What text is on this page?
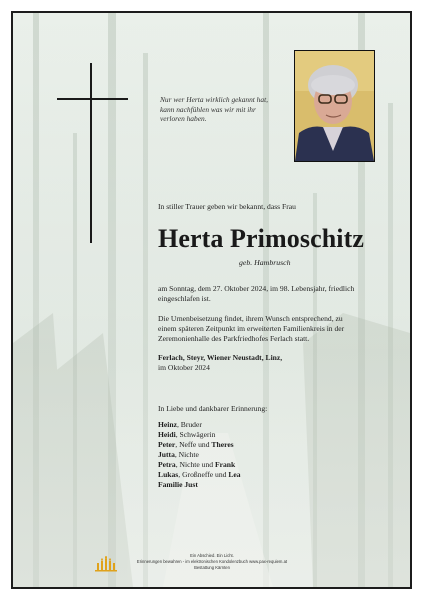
Nur wer Herta wirklich gekannt hat,
kann nachfühlen was wir mit ihr
verloren haben.
In stiller Trauer geben wir bekannt, dass Frau
Herta Primoschitz
geb. Hambrusch
am Sonntag, dem 27. Oktober 2024, im 98. Lebensjahr, friedlich
eingeschlafen ist.
Die Urnenbeisetzung findet, ihrem Wunsch entsprechend, zu
einem späteren Zeitpunkt im erweiterten Familienkreis in der
Zeremonienhalle des Parkfriedhofes Ferlach statt.
Ferlach, Steyr, Wiener Neustadt, Linz,
im Oktober 2024
In Liebe und dankbarer Erinnerung:
Heinz, Bruder
Heidi, Schwägerin
Peter, Neffe und Theres
Jutta, Nichte
Petra, Nichte und Frank
Lukas, Großneffe und Lea
Familie Just
Ein Abschied. Ein Licht.
Erinnerungen bewahren - im elektronischen Kondolenzbuch www.pax-requiem.at
Bestattung Kärnten
